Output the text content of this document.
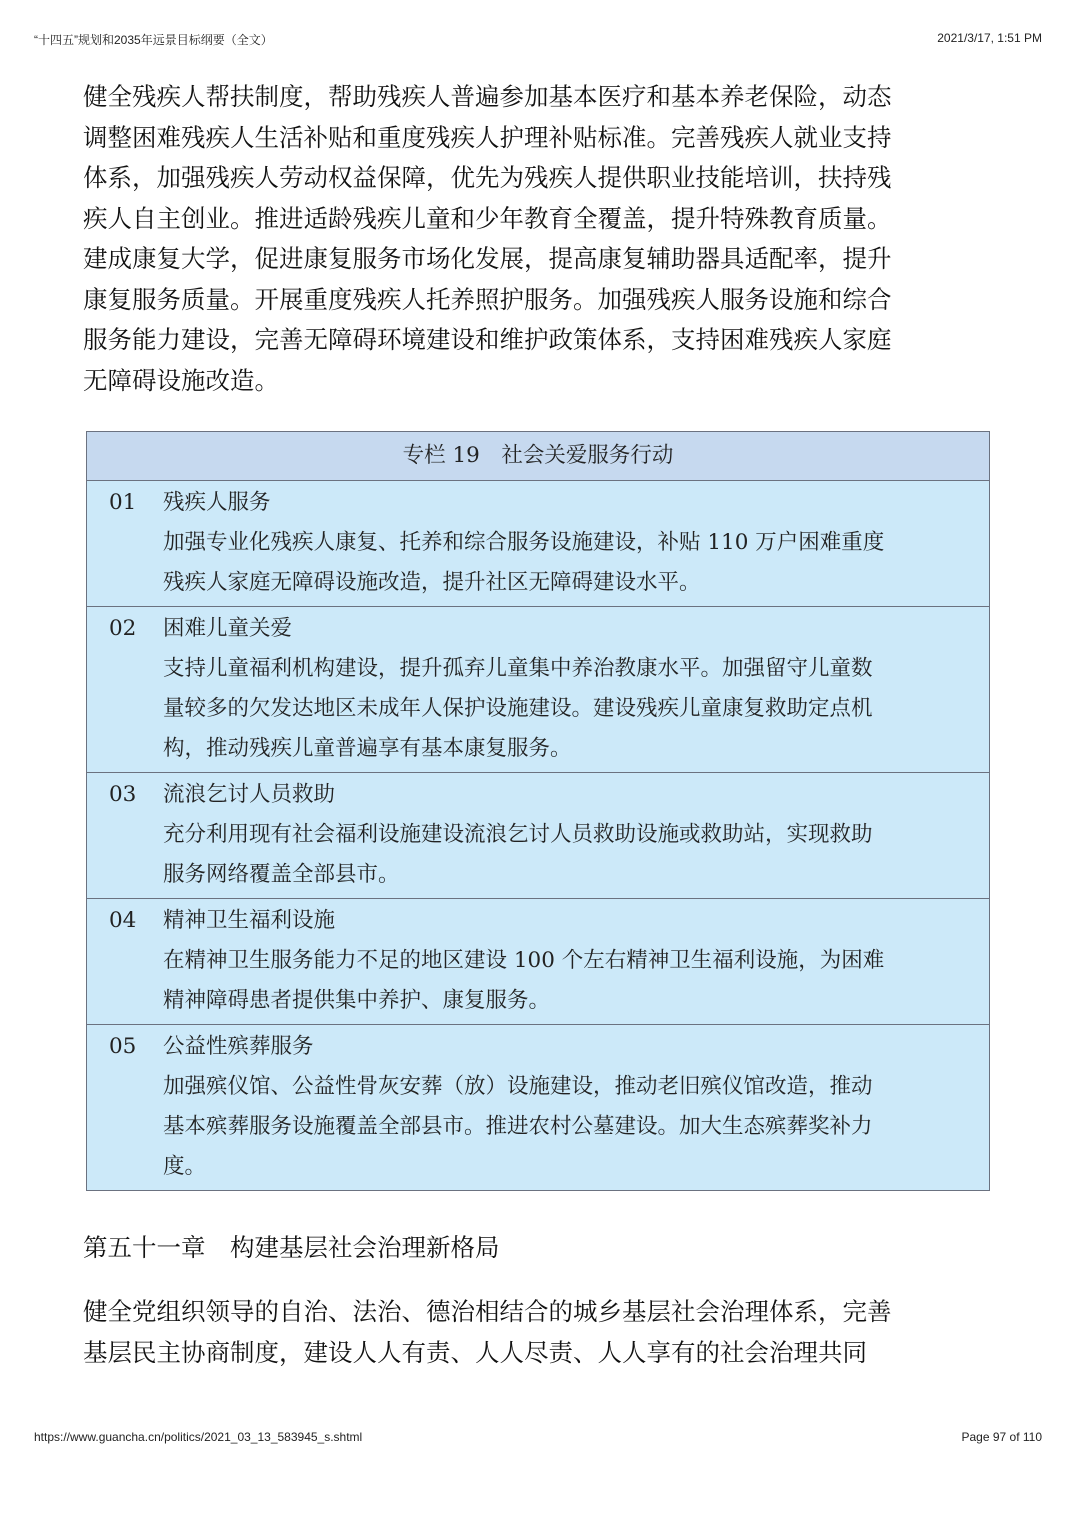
“十四五”规划和2035年远景目标纲要（全文）	2021/3/17, 1:51 PM
健全残疾人帮扶制度，帮助残疾人普遍参加基本医疗和基本养老保险，动态
调整困难残疾人生活补贴和重度残疾人护理补贴标准。完善残疾人就业支持
体系，加强残疾人劳动权益保障，优先为残疾人提供职业技能培训，扶持残
疾人自主创业。推进适龄残疾儿童和少年教育全覆盖，提升特殊教育质量。
建成康复大学，促进康复服务市场化发展，提高康复辅助器具适配率，提升
康复服务质量。开展重度残疾人托养照护服务。加强残疾人服务设施和综合
服务能力建设，完善无障碍环境建设和维护政策体系，支持困难残疾人家庭
无障碍设施改造。
专栏 19　社会关爱服务行动
01	残疾人服务
加强专业化残疾人康复、托养和综合服务设施建设，补贴 110 万户困难重度
残疾人家庭无障碍设施改造，提升社区无障碍建设水平。
02	困难儿童关爱
支持儿童福利机构建设，提升孤弃儿童集中养治教康水平。加强留守儿童数
量较多的欠发达地区未成年人保护设施建设。建设残疾儿童康复救助定点机
构，推动残疾儿童普遍享有基本康复服务。
03	流浪乞讨人员救助
充分利用现有社会福利设施建设流浪乞讨人员救助设施或救助站，实现救助
服务网络覆盖全部县市。
04	精神卫生福利设施
在精神卫生服务能力不足的地区建设 100 个左右精神卫生福利设施，为困难
精神障碍患者提供集中养护、康复服务。
05	公益性殡葬服务
加强殡仪馆、公益性骨灰安葬（放）设施建设，推动老旧殡仪馆改造，推动
基本殡葬服务设施覆盖全部县市。推进农村公墓建设。加大生态殡葬奖补力
度。
第五十一章　构建基层社会治理新格局
健全党组织领导的自治、法治、德治相结合的城乡基层社会治理体系，完善
基层民主协商制度，建设人人有责、人人尽责、人人享有的社会治理共同
https://www.guancha.cn/politics/2021_03_13_583945_s.shtml	Page 97 of 110
